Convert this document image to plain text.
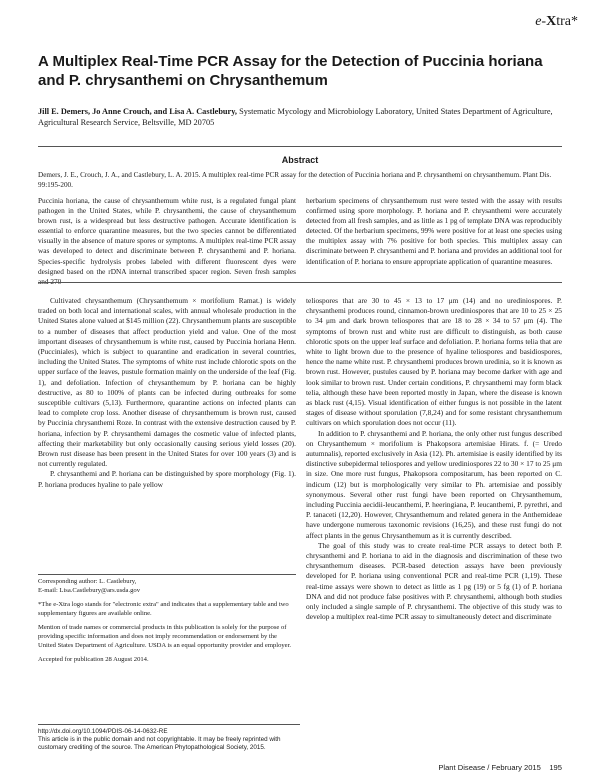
e-Xtra*
A Multiplex Real-Time PCR Assay for the Detection of Puccinia horiana and P. chrysanthemi on Chrysanthemum
Jill E. Demers, Jo Anne Crouch, and Lisa A. Castlebury, Systematic Mycology and Microbiology Laboratory, United States Department of Agriculture, Agricultural Research Service, Beltsville, MD 20705
Abstract
Demers, J. E., Crouch, J. A., and Castlebury, L. A. 2015. A multiplex real-time PCR assay for the detection of Puccinia horiana and P. chrysanthemi on chrysanthemum. Plant Dis. 99:195-200.
Puccinia horiana, the cause of chrysanthemum white rust, is a regulated fungal plant pathogen in the United States, while P. chrysanthemi, the cause of chrysanthemum brown rust, is a widespread but less destructive pathogen. Accurate identification is essential to enforce quarantine measures, but the two species cannot be differentiated visually in the absence of mature spores or symptoms. A multiplex real-time PCR assay was developed to detect and discriminate between P. chrysanthemi and P. horiana. Species-specific hydrolysis probes labeled with different fluorescent dyes were designed based on the rDNA internal transcribed spacer region. Seven fresh samples and 270
herbarium specimens of chrysanthemum rust were tested with the assay with results confirmed using spore morphology. P. horiana and P. chrysanthemi were accurately detected from all fresh samples, and as little as 1 pg of template DNA was reproducibly detected. Of the herbarium specimens, 99% were positive for at least one species using the multiplex assay with 7% positive for both species. This multiplex assay can discriminate between P. chrysanthemi and P. horiana and provides an additional tool for identification of P. horiana to ensure appropriate application of quarantine measures.

Cultivated chrysanthemum (Chrysanthemum × morifolium Ramat.) is widely traded on both local and international scales, with annual wholesale production in the United States alone valued at $145 million (22). Chrysanthemum plants are susceptible to a number of diseases that affect production yield and value. One of the most important diseases of chrysanthemum is white rust, caused by Puccinia horiana Henn. (Pucciniales), which is subject to quarantine and eradication in several countries, including the United States. The symptoms of white rust include chlorotic spots on the upper surface of the leaves, pustule formation mainly on the underside of the leaf (Fig. 1), and defoliation. Infection of chrysanthemum by P. horiana can be highly destructive, as 80 to 100% of plants can be infected during outbreaks for some susceptible cultivars (5,13). Furthermore, quarantine actions on infected plants can lead to complete crop loss. Another disease of chrysanthemum is brown rust, caused by Puccinia chrysanthemi Roze. In contrast with the extensive destruction caused by P. horiana, infection by P. chrysanthemi damages the cosmetic value of infected plants, affecting their marketability but only occasionally causing serious yield losses (20). Brown rust disease has been present in the United States for over 100 years (3) and is not currently regulated.

P. chrysanthemi and P. horiana can be distinguished by spore morphology (Fig. 1). P. horiana produces hyaline to pale yellow

Corresponding author: L. Castlebury,
E-mail: Lisa.Castlebury@ars.usda.gov

*The e-Xtra logo stands for "electronic extra" and indicates that a supplementary table and two supplementary figures are available online.

Mention of trade names or commercial products in this publication is solely for the purpose of providing specific information and does not imply recommendation or endorsement by the United States Department of Agriculture. USDA is an equal opportunity provider and employer.

Accepted for publication 28 August 2014.

http://dx.doi.org/10.1094/PDIS-06-14-0632-RE
This article is in the public domain and not copyrightable. It may be freely reprinted with customary crediting of the source. The American Phytopathological Society, 2015.

teliospores that are 30 to 45 × 13 to 17 μm (14) and no urediniospores. P. chrysanthemi produces round, cinnamon-brown urediniospores that are 10 to 25 × 25 to 34 μm and dark brown teliospores that are 18 to 28 × 34 to 57 μm (4). The symptoms of brown rust and white rust are difficult to distinguish, as both cause chlorotic spots on the upper leaf surface and defoliation. P. horiana forms telia that are white to light brown due to the presence of hyaline teliospores and basidiospores, hence the name white rust. P. chrysanthemi produces brown uredinia, so it is known as brown rust. However, pustules caused by P. horiana may become darker with age and look similar to brown rust. Under certain conditions, P. chrysanthemi may form black telia, although these have been reported mostly in Japan, where the disease is known as black rust (4,15). Visual identification of either fungus is not possible in the latent stages of disease without sporulation (7,8,24) and for some resistant chrysanthemum cultivars on which sporulation does not occur (11).

In addition to P. chrysanthemi and P. horiana, the only other rust fungus described on Chrysanthemum × morifolium is Phakopsora artemisiae Hirats. f. (= Uredo autumnalis), reported exclusively in Asia (12). Ph. artemisiae is easily identified by its distinctive subepidermal teliospores and yellow urediniospores 22 to 30 × 17 to 25 μm in size. One more rust fungus, Phakopsora compositarum, has been reported on C. indicum (12) but is morphologically very similar to Ph. artemisiae and possibly synonymous. Several other rust fungi have been reported on Chrysanthemum, including Puccinia aecidii-leucanthemi, P. heeringiana, P. leucanthemi, P. pyrethri, and P. tanaceti (12,20). However, Chrysanthemum and related genera in the Anthemideae have undergone numerous taxonomic revisions (16,25), and these rust fungi do not affect plants in the genus Chrysanthemum as it is currently described.

The goal of this study was to create real-time PCR assays to detect both P. chrysanthemi and P. horiana to aid in the diagnosis and discrimination of these two chrysanthemum diseases. PCR-based detection assays have been previously developed for P. horiana using conventional PCR and real-time PCR (1,19). These real-time assays were shown to detect as little as 1 pg (19) or 5 fg (1) of P. horiana DNA and did not produce false positives with P. chrysanthemi, although both studies only included a single sample of P. chrysanthemi. The objective of this study was to develop a multiplex real-time PCR assay to simultaneously detect and discriminate

Plant Disease / February 2015    195
